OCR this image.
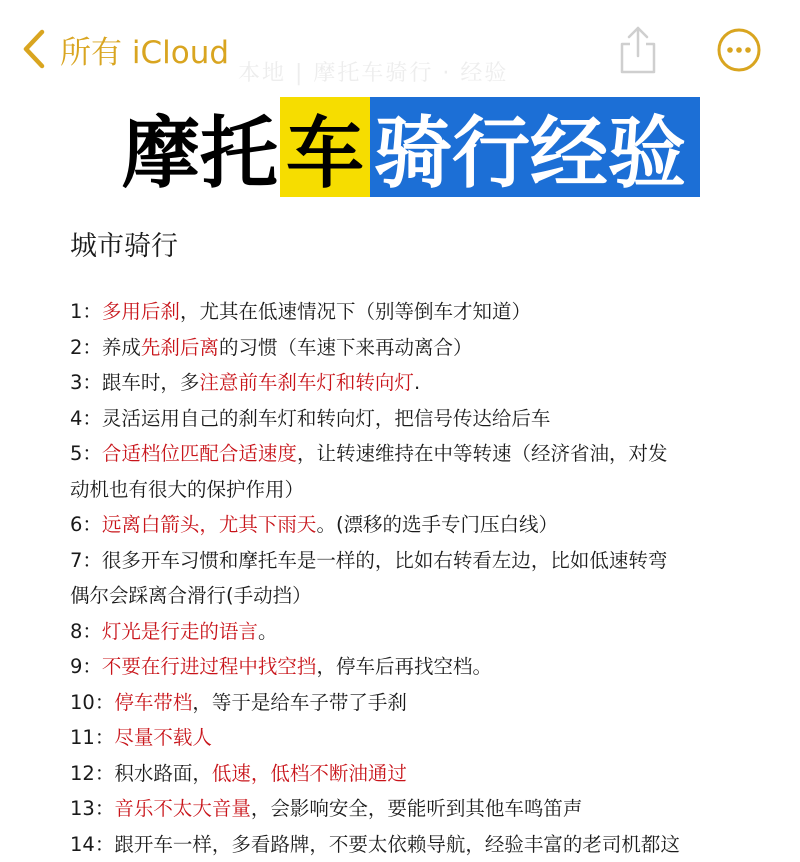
所有 iCloud
本地 | 摩托车骑行 · 经验
摩托 车 骑行经验
城市骑行
1：多用后刹，尤其在低速情况下（别等倒车才知道）
2：养成先刹后离的习惯（车速下来再动离合）
3：跟车时，多注意前车刹车灯和转向灯.
4：灵活运用自己的刹车灯和转向灯，把信号传达给后车
5：合适档位匹配合适速度，让转速维持在中等转速（经济省油，对发
动机也有很大的保护作用）
6：远离白箭头，尤其下雨天。(漂移的选手专门压白线）
7：很多开车习惯和摩托车是一样的，比如右转看左边，比如低速转弯
偶尔会踩离合滑行(手动挡）
8：灯光是行走的语言。
9：不要在行进过程中找空挡，停车后再找空档。
10：停车带档，等于是给车子带了手刹
11：尽量不载人
12：积水路面，低速，低档不断油通过
13：音乐不太大音量，会影响安全，要能听到其他车鸣笛声
14：跟开车一样，多看路牌，不要太依赖导航，经验丰富的老司机都这
